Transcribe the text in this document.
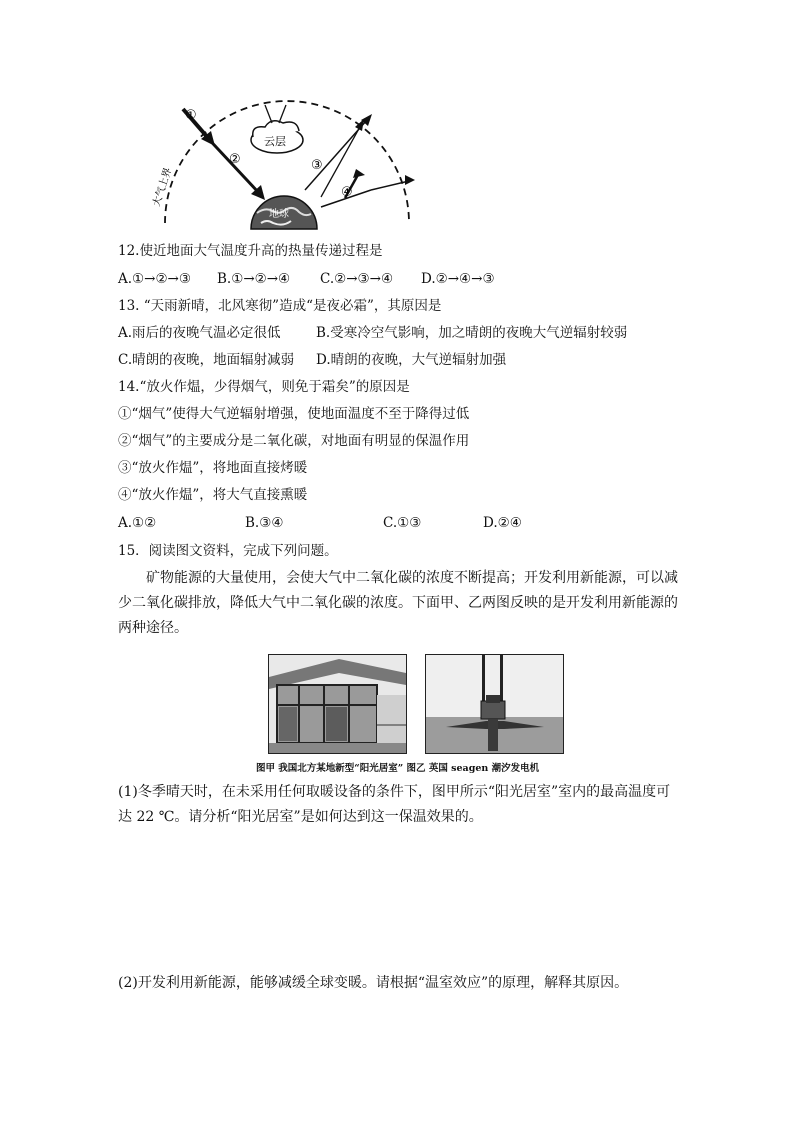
①
②	③
④
云层
地球
大气上界
12.使近地面大气温度升高的热量传递过程是
A.①→②→③ B.①→②→④ C.②→③→④ D.②→④→③
13. “天雨新晴，北风寒彻”造成“是夜必霜”，其原因是
A.雨后的夜晚气温必定很低	B.受寒冷空气影响，加之晴朗的夜晚大气逆辐射较弱
C.晴朗的夜晚，地面辐射减弱 D.晴朗的夜晚，大气逆辐射加强
14.“放火作煴，少得烟气，则免于霜矣”的原因是
①“烟气”使得大气逆辐射增强，使地面温度不至于降得过低
②“烟气”的主要成分是二氧化碳，对地面有明显的保温作用
③“放火作煴”，将地面直接烤暖
④“放火作煴”，将大气直接熏暖
A.①②	B.③④	C.①③	D.②④
15．阅读图文资料，完成下列问题。
矿物能源的大量使用，会使大气中二氧化碳的浓度不断提高；开发利用新能源，可以减少二氧化碳排放，降低大气中二氧化碳的浓度。下面甲、乙两图反映的是开发利用新能源的两种途径。
图甲 我国北方某地新型“阳光居室” 图乙 英国 seagen 潮汐发电机
(1)冬季晴天时，在未采用任何取暖设备的条件下，图甲所示“阳光居室”室内的最高温度可达 22 ℃。请分析“阳光居室”是如何达到这一保温效果的。
(2)开发利用新能源，能够减缓全球变暖。请根据“温室效应”的原理，解释其原因。
